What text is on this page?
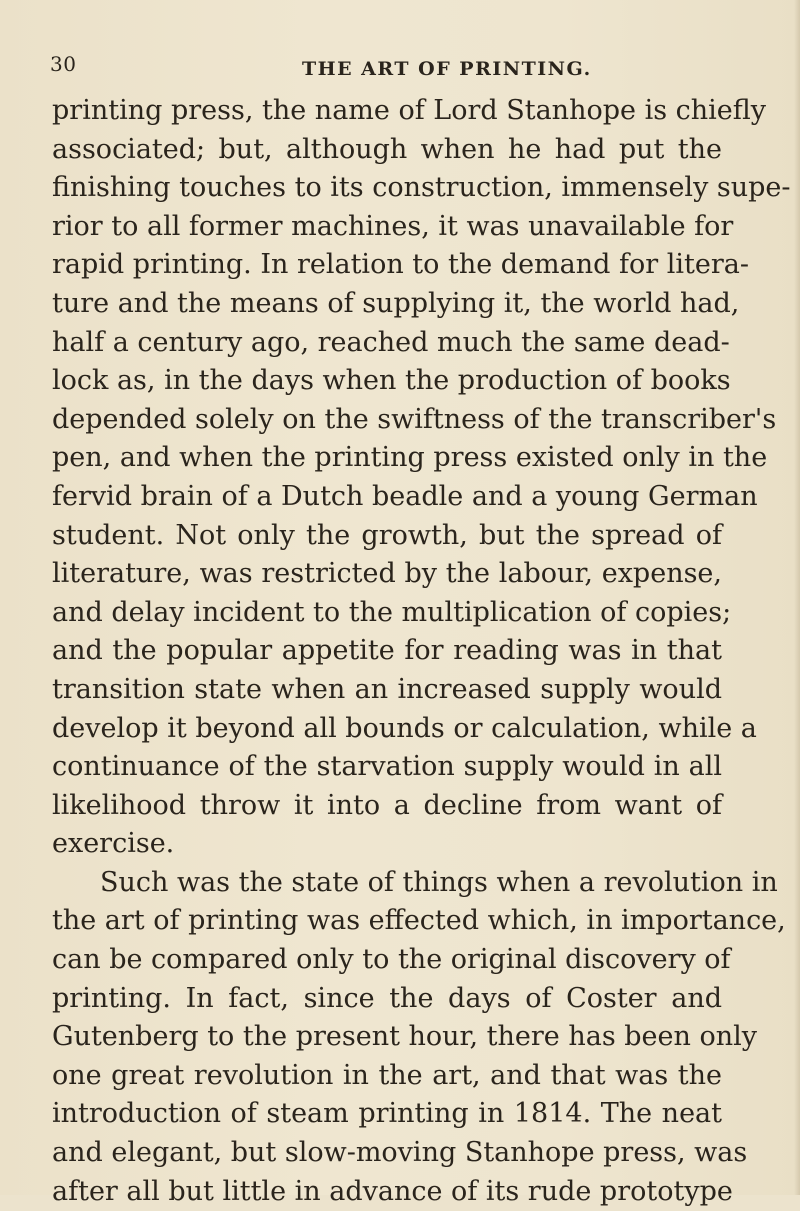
30	THE ART OF PRINTING.
printing press, the name of Lord Stanhope is chiefly
associated; but, although when he had put the
finishing touches to its construction, immensely supe-
rior to all former machines, it was unavailable for
rapid printing. In relation to the demand for litera-
ture and the means of supplying it, the world had,
half a century ago, reached much the same dead-
lock as, in the days when the production of books
depended solely on the swiftness of the transcriber's
pen, and when the printing press existed only in the
fervid brain of a Dutch beadle and a young German
student. Not only the growth, but the spread of
literature, was restricted by the labour, expense,
and delay incident to the multiplication of copies;
and the popular appetite for reading was in that
transition state when an increased supply would
develop it beyond all bounds or calculation, while a
continuance of the starvation supply would in all
likelihood throw it into a decline from want of
exercise.
Such was the state of things when a revolution in
the art of printing was effected which, in importance,
can be compared only to the original discovery of
printing. In fact, since the days of Coster and
Gutenberg to the present hour, there has been only
one great revolution in the art, and that was the
introduction of steam printing in 1814. The neat
and elegant, but slow-moving Stanhope press, was
after all but little in advance of its rude prototype
